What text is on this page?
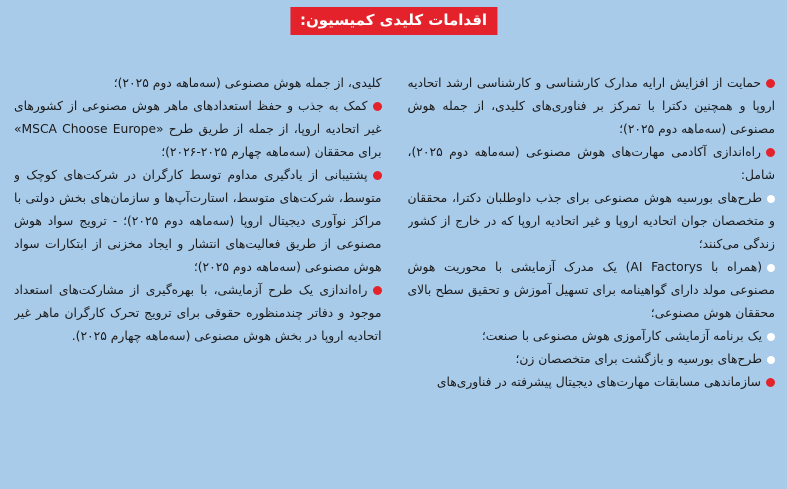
اقدامات کلیدی کمیسیون:

حمایت از افزایش ارایه مدارک کارشناسی و کارشناسی ارشد اتحادیه اروپا و همچنین دکترا با تمرکز بر فناوری‌های کلیدی، از جمله هوش مصنوعی (سه‌ماهه دوم ۲۰۲۵)؛

راه‌اندازی آکادمی مهارت‌های هوش مصنوعی (سه‌ماهه دوم ۲۰۲۵)، شامل:

طرح‌های بورسیه هوش مصنوعی برای جذب داوطلبان دکترا، محققان و متخصصان جوان اتحادیه اروپا و غیر اتحادیه اروپا که در خارج از کشور زندگی می‌کنند؛

(همراه با AI Factorys) یک مدرک آزمایشی با محوریت هوش مصنوعی مولد دارای گواهینامه برای تسهیل آموزش و تحقیق سطح بالای محققان هوش مصنوعی؛

یک برنامه آزمایشی کارآموزی هوش مصنوعی با صنعت؛

طرح‌های بورسیه و بازگشت برای متخصصان زن؛

سازماندهی مسابقات مهارت‌های دیجیتال پیشرفته در فناوری‌های

کلیدی، از جمله هوش مصنوعی (سه‌ماهه دوم ۲۰۲۵)؛

کمک به جذب و حفظ استعدادهای ماهر هوش مصنوعی از کشورهای غیر اتحادیه اروپا، از جمله از طریق طرح «MSCA Choose Europe» برای محققان (سه‌ماهه چهارم ۲۰۲۵-۲۰۲۶)؛

پشتیبانی از یادگیری مداوم توسط کارگران در شرکت‌های کوچک و متوسط، شرکت‌های متوسط، استارت‌آپ‌ها و سازمان‌های بخش دولتی با مراکز نوآوری دیجیتال اروپا (سه‌ماهه دوم ۲۰۲۵)؛ - ترویج سواد هوش مصنوعی از طریق فعالیت‌های انتشار و ایجاد مخزنی از ابتکارات سواد هوش مصنوعی (سه‌ماهه دوم ۲۰۲۵)؛

راه‌اندازی یک طرح آزمایشی، با بهره‌گیری از مشارکت‌های استعداد موجود و دفاتر چندمنظوره حقوقی برای ترویج تحرک کارگران ماهر غیر اتحادیه اروپا در بخش هوش مصنوعی (سه‌ماهه چهارم ۲۰۲۵).
